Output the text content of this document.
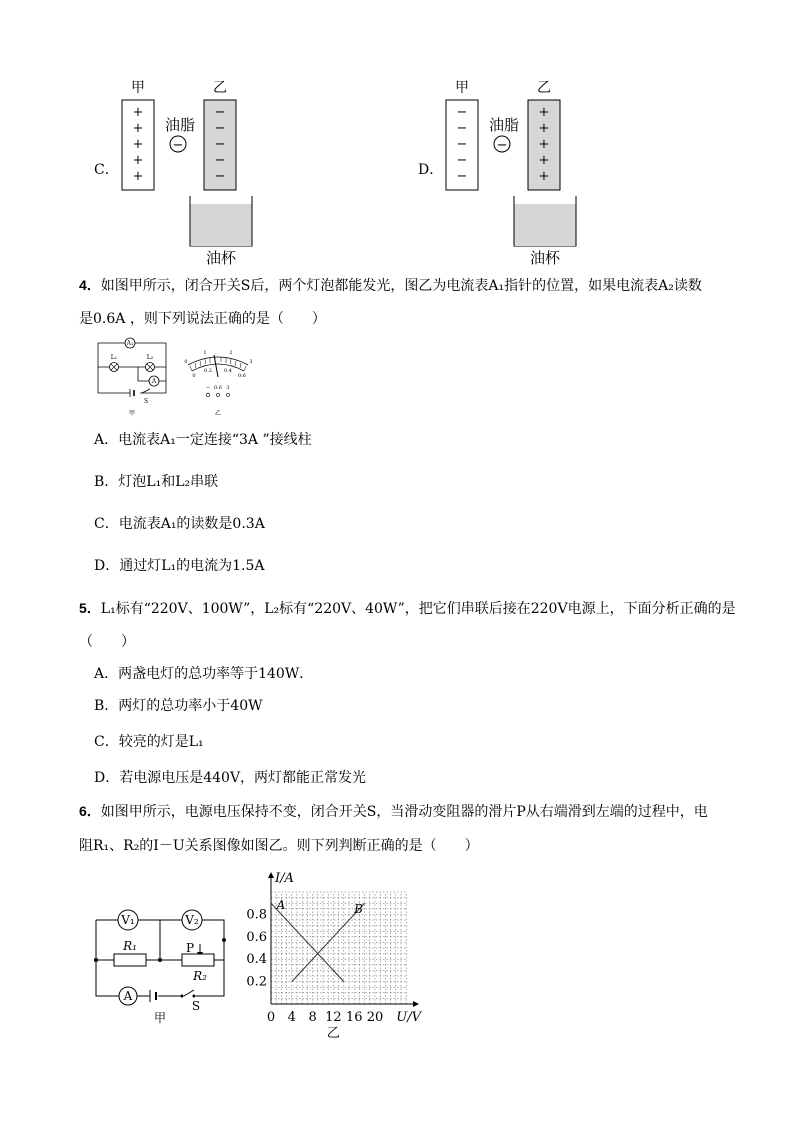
甲	乙
+
+
+
+
+
−
−
−
−
−
油脂
−
C．
油杯
甲	乙
−
−
−
−
−
+
+
+
+
+
油脂
−
D．
油杯
4．如图甲所示，闭合开关S后，两个灯泡都能发光，图乙为电流表A₁指针的位置，如果电流表A₂读数
是0.6A ，则下列说法正确的是（　　）
A₁
L₁	L₂
A
S
甲
0
1	2
3
0
0.2 0.4
0.6
− 0.6 3
乙
A．电流表A₁一定连接“3A ”接线柱
B．灯泡L₁和L₂串联
C．电流表A₁的读数是0.3A
D．通过灯L₁的电流为1.5A
5．L₁标有“220V、100W”，L₂标有“220V、40W”，把它们串联后接在220V电源上，下面分析正确的是
（　　）
A．两盏电灯的总功率等于140W．
B．两灯的总功率小于40W
C．较亮的灯是L₁
D．若电源电压是440V，两灯都能正常发光
6．如图甲所示，电源电压保持不变，闭合开关S，当滑动变阻器的滑片P从右端滑到左端的过程中，电
阻R₁、R₂的I－U关系图像如图乙。则下列判断正确的是（　　）
V₁	V₂
R₁	P
R₂
A
S
甲	0 4 8 12 16 20
0.2
0.4
0.6
0.8
U/V
I/A
乙
A	B
